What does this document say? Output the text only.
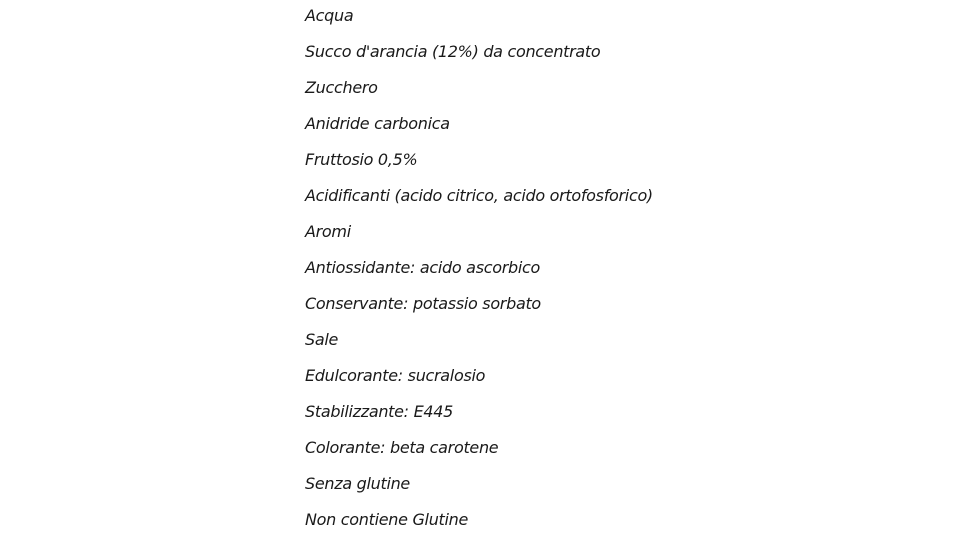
Acqua
Succo d'arancia (12%) da concentrato
Zucchero
Anidride carbonica
Fruttosio 0,5%
Acidificanti (acido citrico, acido ortofosforico)
Aromi
Antiossidante: acido ascorbico
Conservante: potassio sorbato
Sale
Edulcorante: sucralosio
Stabilizzante: E445
Colorante: beta carotene
Senza glutine
Non contiene Glutine
